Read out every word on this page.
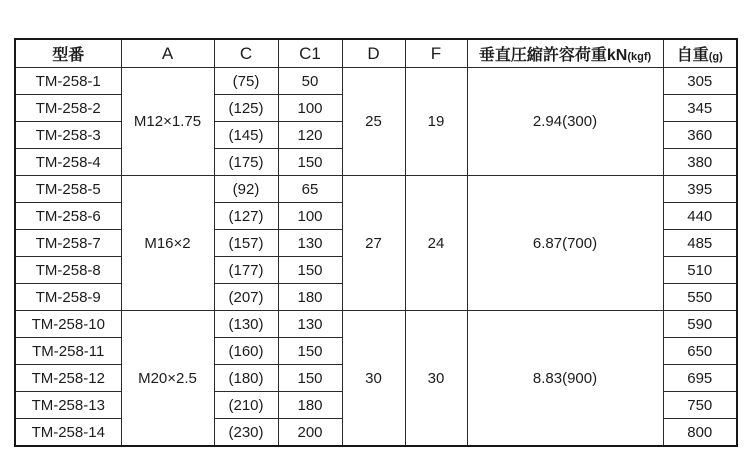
型番	A	C	C1	D	F	垂直圧縮許容荷重kN(kgf)	自重(g)
TM-258-1	M12×1.75	(75)	50	25	19	2.94(300)	305
TM-258-2		(125)	100				345
TM-258-3		(145)	120				360
TM-258-4		(175)	150				380
TM-258-5	M16×2	(92)	65	27	24	6.87(700)	395
TM-258-6		(127)	100				440
TM-258-7		(157)	130				485
TM-258-8		(177)	150				510
TM-258-9		(207)	180				550
TM-258-10	M20×2.5	(130)	130	30	30	8.83(900)	590
TM-258-11		(160)	150				650
TM-258-12		(180)	150				695
TM-258-13		(210)	180				750
TM-258-14		(230)	200				800
